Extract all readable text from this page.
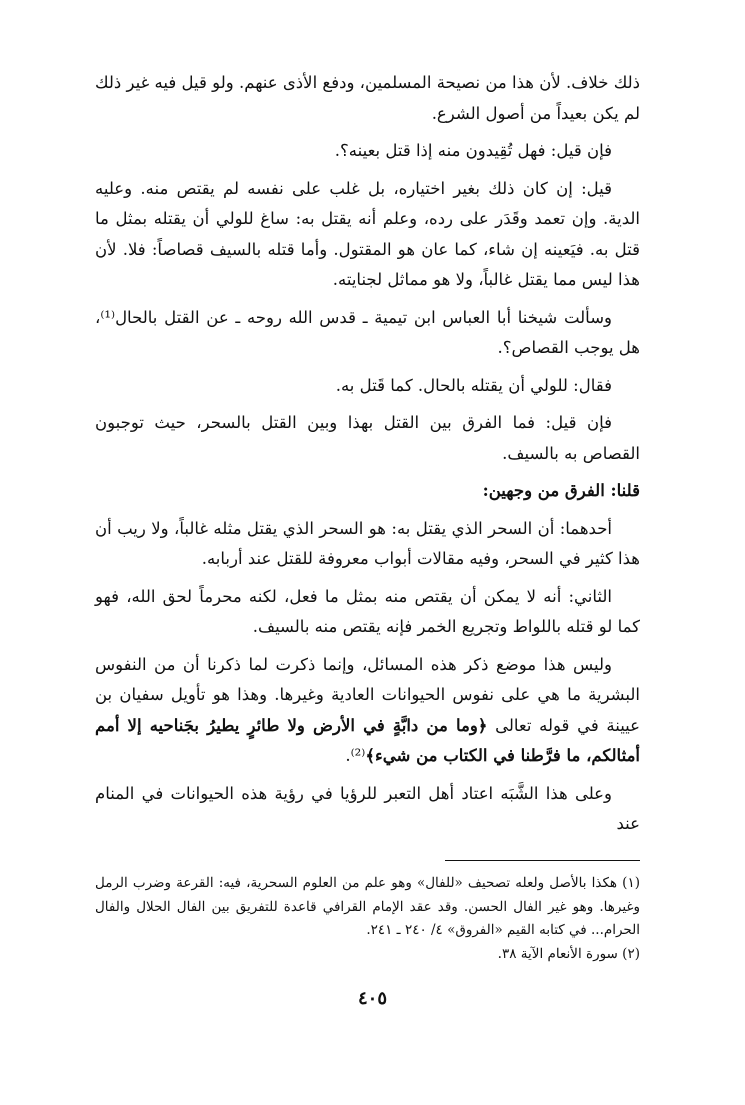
ذلك خلاف. لأن هذا من نصيحة المسلمين، ودفع الأذى عنهم. ولو قيل فيه غير ذلك لم يكن بعيداً من أصول الشرع.

فإن قيل: فهل تُقِيدون منه إذا قتل بعينه؟.

قيل: إن كان ذلك بغير اختياره، بل غلب على نفسه لم يقتص منه. وعليه الدية. وإن تعمد وقَدَر على رده، وعلم أنه يقتل به: ساغ للولي أن يقتله بمثل ما قتل به. فيَعينه إن شاء، كما عان هو المقتول. وأما قتله بالسيف قصاصاً: فلا. لأن هذا ليس مما يقتل غالباً، ولا هو مماثل لجنايته.

وسألت شيخنا أبا العباس ابن تيمية ـ قدس الله روحه ـ عن القتل بالحال⁽¹⁾، هل يوجب القصاص؟.

فقال: للولي أن يقتله بالحال. كما قَتل به.

فإن قيل: فما الفرق بين القتل بهذا وبين القتل بالسحر، حيث توجبون القصاص به بالسيف.

قلنا: الفرق من وجهين:

أحدهما: أن السحر الذي يقتل به: هو السحر الذي يقتل مثله غالباً، ولا ريب أن هذا كثير في السحر، وفيه مقالات أبواب معروفة للقتل عند أربابه.

الثاني: أنه لا يمكن أن يقتص منه بمثل ما فعل، لكنه محرماً لحق الله، فهو كما لو قتله باللواط وتجريع الخمر فإنه يقتص منه بالسيف.

وليس هذا موضع ذكر هذه المسائل، وإنما ذكرت لما ذكرنا أن من النفوس البشرية ما هي على نفوس الحيوانات العادية وغيرها. وهذا هو تأويل سفيان بن عيينة في قوله تعالى ﴿وما من دابَّةٍ في الأرض ولا طائرٍ يطيرُ بجَناحيه إلا أمم أمثالكم، ما فرَّطنا في الكتاب من شيء﴾⁽²⁾.

وعلى هذا الشَّبَه اعتاد أهل التعبر للرؤيا في رؤية هذه الحيوانات في المنام عند

(١) هكذا بالأصل ولعله تصحيف «للفال» وهو علم من العلوم السحرية، فيه: القرعة وضرب الرمل وغيرها. وهو غير الفال الحسن. وقد عقد الإمام القرافي قاعدة للتفريق بين الفال الحلال والفال الحرام... في كتابه القيم «الفروق» ٤/ ٢٤٠ ـ ٢٤١.

(٢) سورة الأنعام الآية ٣٨.

٤٠٥
